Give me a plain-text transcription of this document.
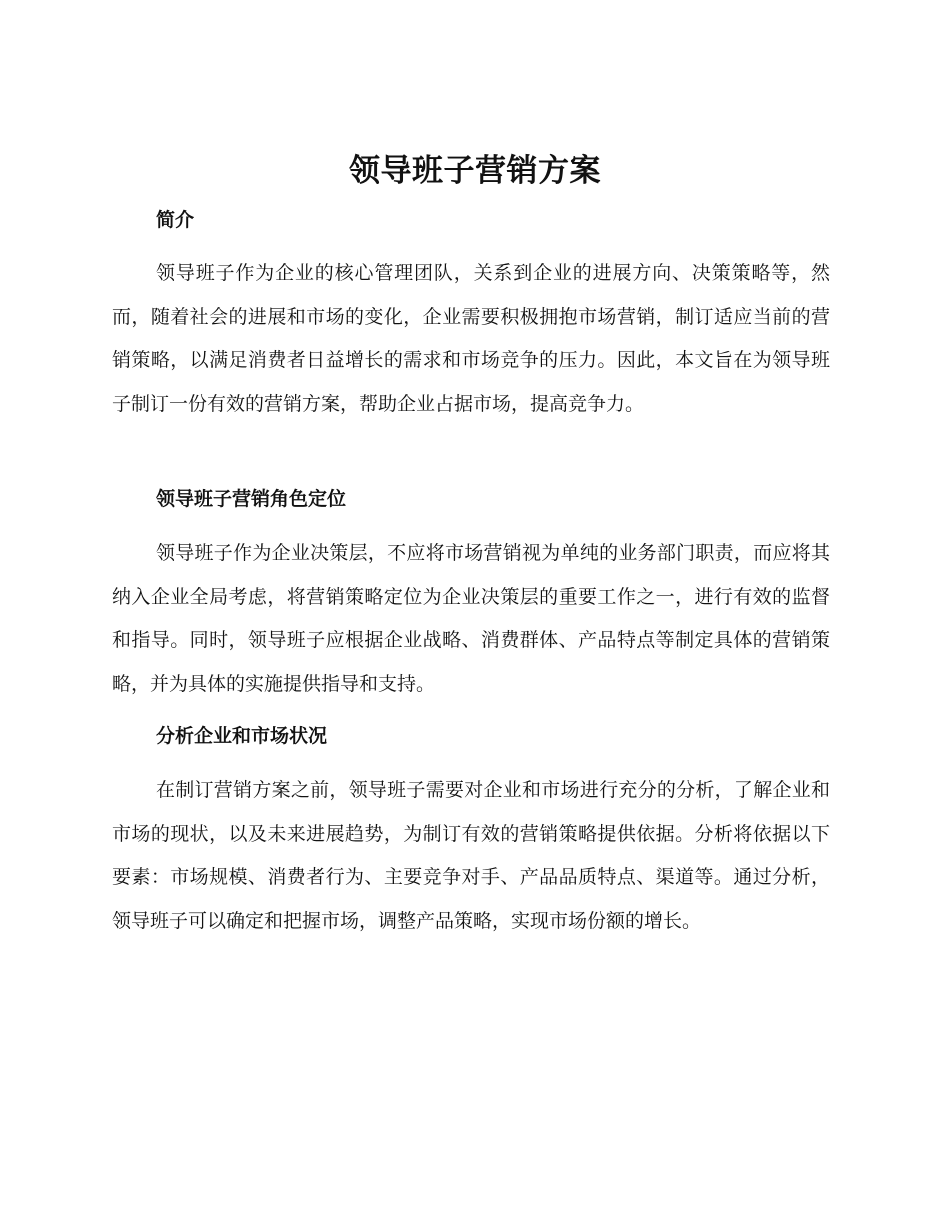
领导班子营销方案
简介

领导班子作为企业的核心管理团队，关系到企业的进展方向、决策策略等，然而，随着社会的进展和市场的变化，企业需要积极拥抱市场营销，制订适应当前的营销策略，以满足消费者日益增长的需求和市场竞争的压力。因此，本文旨在为领导班子制订一份有效的营销方案，帮助企业占据市场，提高竞争力。

领导班子营销角色定位

领导班子作为企业决策层，不应将市场营销视为单纯的业务部门职责，而应将其纳入企业全局考虑，将营销策略定位为企业决策层的重要工作之一，进行有效的监督和指导。同时，领导班子应根据企业战略、消费群体、产品特点等制定具体的营销策略，并为具体的实施提供指导和支持。

分析企业和市场状况

在制订营销方案之前，领导班子需要对企业和市场进行充分的分析，了解企业和市场的现状，以及未来进展趋势，为制订有效的营销策略提供依据。分析将依据以下要素：市场规模、消费者行为、主要竞争对手、产品品质特点、渠道等。通过分析，领导班子可以确定和把握市场，调整产品策略，实现市场份额的增长。
